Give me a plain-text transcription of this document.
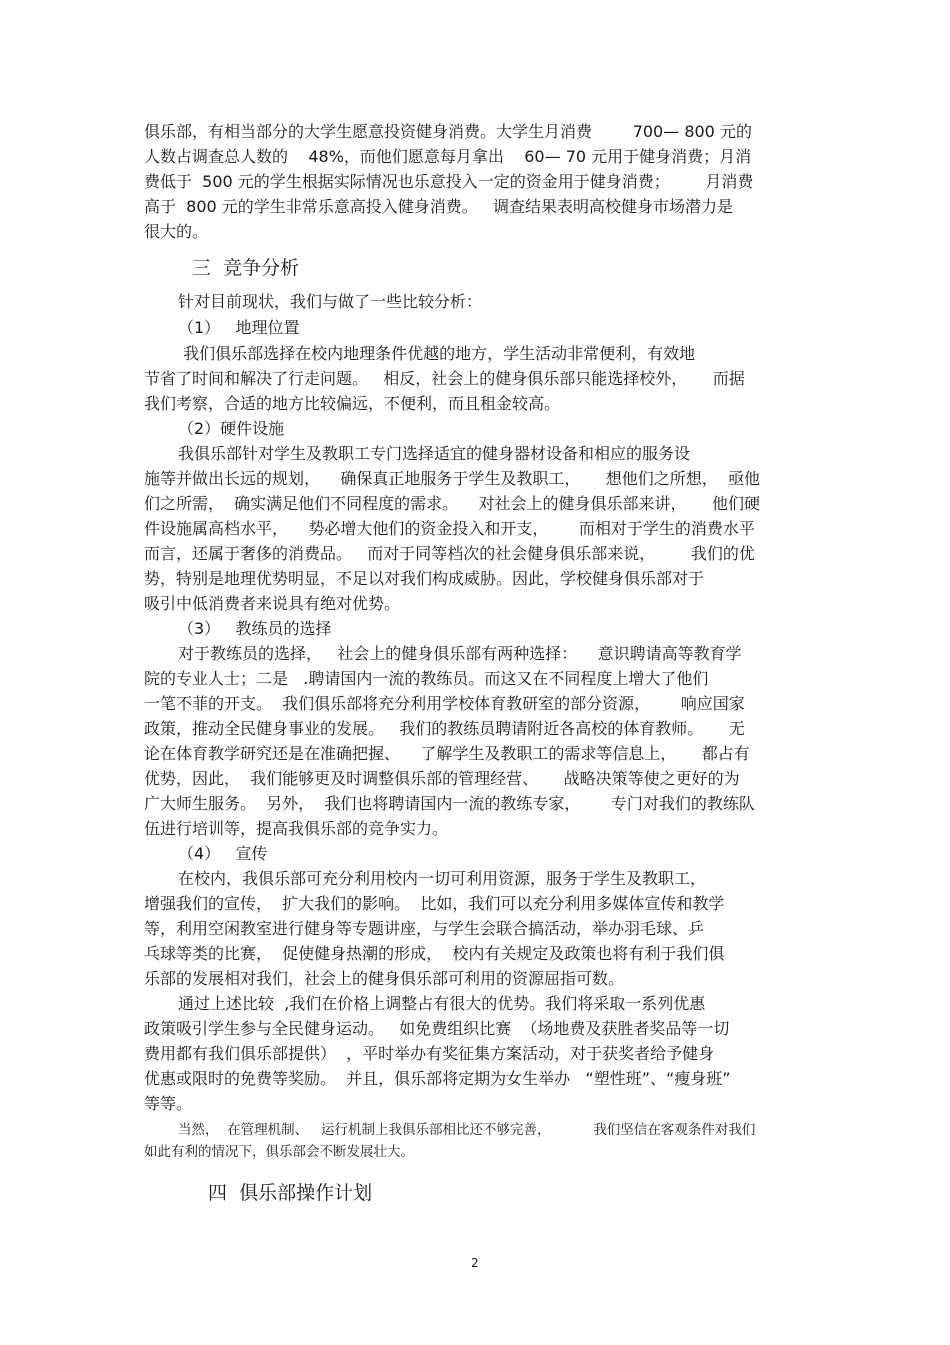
俱乐部，有相当部分的大学生愿意投资健身消费。大学生月消费        700— 800 元的
人数占调查总人数的    48%，而他们愿意每月拿出    60— 70 元用于健身消费；月消
费低于  500 元的学生根据实际情况也乐意投入一定的资金用于健身消费；       月消费
高于  800 元的学生非常乐意高投入健身消费。   调查结果表明高校健身市场潜力是
很大的。
三  竞争分析
针对目前现状，我们与做了一些比较分析：
（1）   地理位置
我们俱乐部选择在校内地理条件优越的地方，学生活动非常便利，有效地
节省了时间和解决了行走问题。   相反，社会上的健身俱乐部只能选择校外，     而据
我们考察，合适的地方比较偏远，不便利，而且租金较高。
（2）硬件设施
我俱乐部针对学生及教职工专门选择适宜的健身器材设备和相应的服务设
施等并做出长远的规划，    确保真正地服务于学生及教职工，     想他们之所想，  亟他
们之所需，  确实满足他们不同程度的需求。    对社会上的健身俱乐部来讲，     他们硬
件设施属高档水平，    势必增大他们的资金投入和开支，      而相对于学生的消费水平
而言，还属于奢侈的消费品。   而对于同等档次的社会健身俱乐部来说，       我们的优
势，特别是地理优势明显，不足以对我们构成威胁。因此，学校健身俱乐部对于
吸引中低消费者来说具有绝对优势。
（3）   教练员的选择
对于教练员的选择，   社会上的健身俱乐部有两种选择：    意识聘请高等教育学
院的专业人士；二是   .聘请国内一流的教练员。而这又在不同程度上增大了他们
一笔不菲的开支。  我们俱乐部将充分利用学校体育教研室的部分资源，      响应国家
政策，推动全民健身事业的发展。   我们的教练员聘请附近各高校的体育教师。     无
论在体育教学研究还是在准确把握、    了解学生及教职工的需求等信息上，     都占有
优势，因此，  我们能够更及时调整俱乐部的管理经营、     战略决策等使之更好的为
广大师生服务。  另外，  我们也将聘请国内一流的教练专家，      专门对我们的教练队
伍进行培训等，提高我俱乐部的竞争实力。
（4）   宣传
在校内，我俱乐部可充分利用校内一切可利用资源，服务于学生及教职工，
增强我们的宣传，  扩大我们的影响。  比如，我们可以充分利用多媒体宣传和教学
等，利用空闲教室进行健身等专题讲座，与学生会联合搞活动，举办羽毛球、乒
乓球等类的比赛，  促使健身热潮的形成，  校内有关规定及政策也将有利于我们俱
乐部的发展相对我们，社会上的健身俱乐部可利用的资源屈指可数。
通过上述比较  ,我们在价格上调整占有很大的优势。我们将采取一系列优惠
政策吸引学生参与全民健身运动。   如免费组织比赛  （场地费及获胜者奖品等一切
费用都有我们俱乐部提供）  ，平时举办有奖征集方案活动，对于获奖者给予健身
优惠或限时的免费等奖励。  并且，俱乐部将定期为女生举办   “塑性班”、“瘦身班”
等等。
当然，  在管理机制、   运行机制上我俱乐部相比还不够完善，          我们坚信在客观条件对我们
如此有利的情况下，俱乐部会不断发展壮大。
四  俱乐部操作计划
2
